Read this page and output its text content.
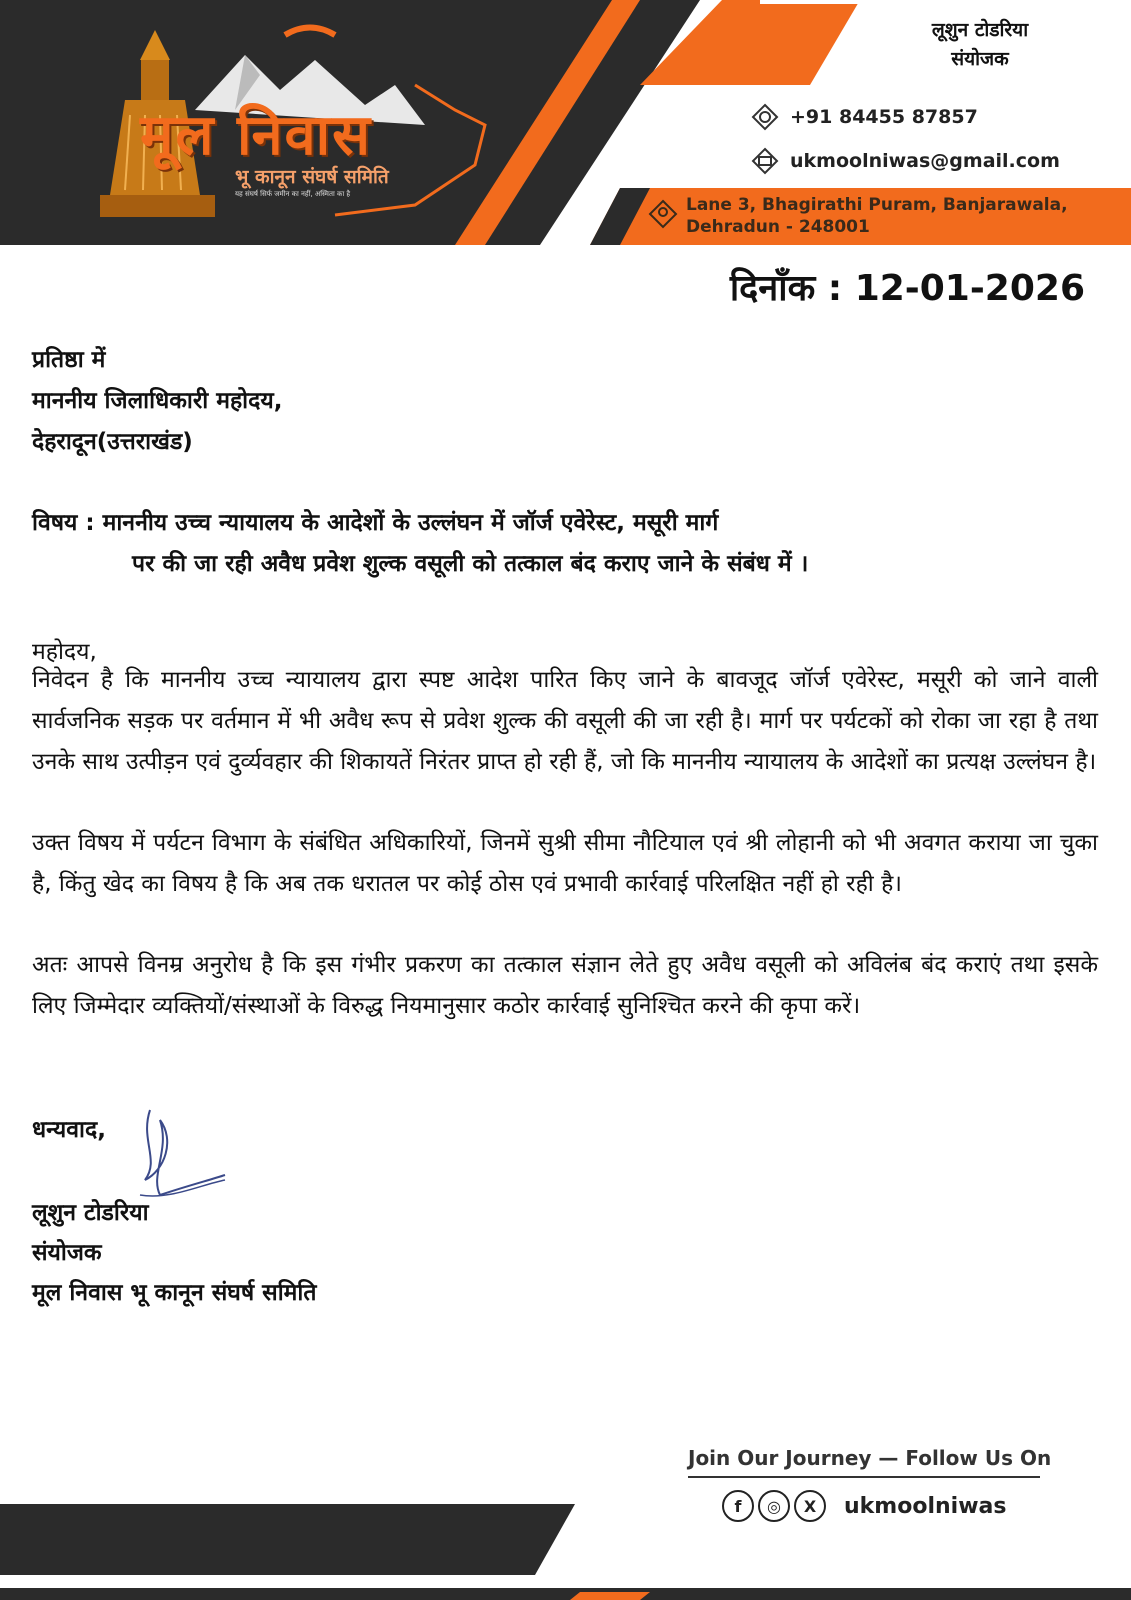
मूल निवास
भू कानून संघर्ष समिति
यह संघर्ष सिर्फ जमीन का नहीं, अस्मिता का है
लूशुन टोडरिया
संयोजक
+91 84455 87857
ukmoolniwas@gmail.com
Lane 3, Bhagirathi Puram, Banjarawala,
Dehradun - 248001
दिनाँक : 12-01-2026
प्रतिष्ठा में
माननीय जिलाधिकारी महोदय,
देहरादून(उत्तराखंड)
विषय : माननीय उच्च न्यायालय के आदेशों के उल्लंघन में जॉर्ज एवेरेस्ट, मसूरी मार्ग
पर की जा रही अवैध प्रवेश शुल्क वसूली को तत्काल बंद कराए जाने के संबंध में ।
महोदय,
निवेदन है कि माननीय उच्च न्यायालय द्वारा स्पष्ट आदेश पारित किए जाने के बावजूद जॉर्ज एवेरेस्ट, मसूरी को जाने वाली सार्वजनिक सड़क पर वर्तमान में भी अवैध रूप से प्रवेश शुल्क की वसूली की जा रही है। मार्ग पर पर्यटकों को रोका जा रहा है तथा उनके साथ उत्पीड़न एवं दुर्व्यवहार की शिकायतें निरंतर प्राप्त हो रही हैं, जो कि माननीय न्यायालय के आदेशों का प्रत्यक्ष उल्लंघन है।
उक्त विषय में पर्यटन विभाग के संबंधित अधिकारियों, जिनमें सुश्री सीमा नौटियाल एवं श्री लोहानी को भी अवगत कराया जा चुका है, किंतु खेद का विषय है कि अब तक धरातल पर कोई ठोस एवं प्रभावी कार्रवाई परिलक्षित नहीं हो रही है।
अतः आपसे विनम्र अनुरोध है कि इस गंभीर प्रकरण का तत्काल संज्ञान लेते हुए अवैध वसूली को अविलंब बंद कराएं तथा इसके लिए जिम्मेदार व्यक्तियों/संस्थाओं के विरुद्ध नियमानुसार कठोर कार्रवाई सुनिश्चित करने की कृपा करें।
धन्यवाद,
लूशुन टोडरिया
संयोजक
मूल निवास भू कानून संघर्ष समिति
Join Our Journey — Follow Us On
f	◎	X	ukmoolniwas
